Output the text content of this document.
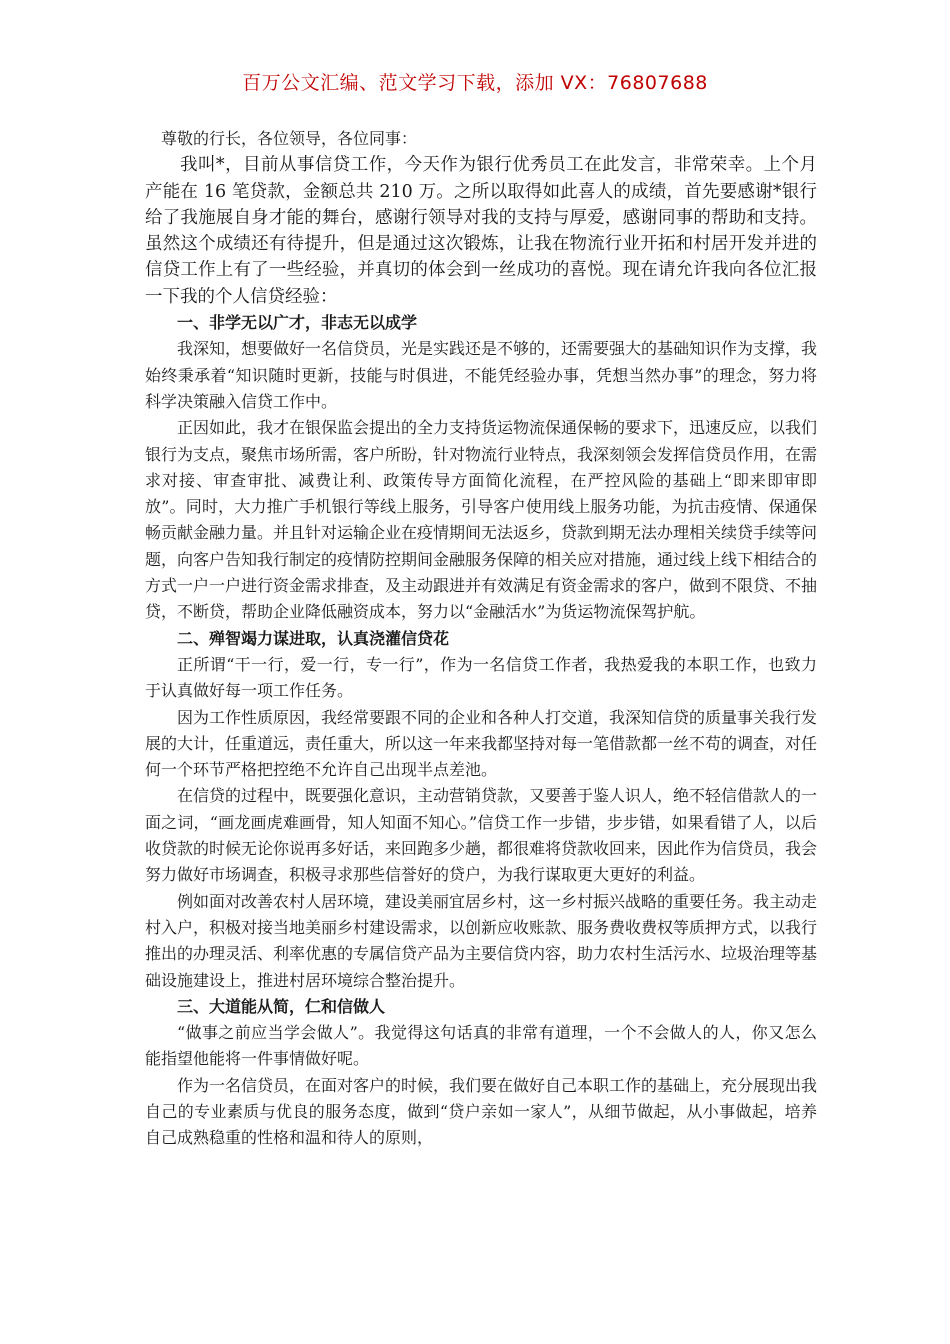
百万公文汇编、范文学习下载，添加 VX：76807688

尊敬的行长，各位领导，各位同事：

我叫*，目前从事信贷工作，今天作为银行优秀员工在此发言，非常荣幸。上个月产能在 16 笔贷款，金额总共 210 万。之所以取得如此喜人的成绩，首先要感谢*银行给了我施展自身才能的舞台，感谢行领导对我的支持与厚爱，感谢同事的帮助和支持。虽然这个成绩还有待提升，但是通过这次锻炼，让我在物流行业开拓和村居开发并进的信贷工作上有了一些经验，并真切的体会到一丝成功的喜悦。现在请允许我向各位汇报一下我的个人信贷经验：

一、非学无以广才，非志无以成学

我深知，想要做好一名信贷员，光是实践还是不够的，还需要强大的基础知识作为支撑，我始终秉承着“知识随时更新，技能与时俱进，不能凭经验办事，凭想当然办事”的理念，努力将科学决策融入信贷工作中。

正因如此，我才在银保监会提出的全力支持货运物流保通保畅的要求下，迅速反应，以我们银行为支点，聚焦市场所需，客户所盼，针对物流行业特点，我深刻领会发挥信贷员作用，在需求对接、审查审批、减费让利、政策传导方面简化流程，在严控风险的基础上“即来即审即放”。同时，大力推广手机银行等线上服务，引导客户使用线上服务功能，为抗击疫情、保通保畅贡献金融力量。并且针对运输企业在疫情期间无法返乡，贷款到期无法办理相关续贷手续等问题，向客户告知我行制定的疫情防控期间金融服务保障的相关应对措施，通过线上线下相结合的方式一户一户进行资金需求排查，及主动跟进并有效满足有资金需求的客户，做到不限贷、不抽贷，不断贷，帮助企业降低融资成本，努力以“金融活水”为货运物流保驾护航。

二、殚智竭力谋进取，认真浇灌信贷花

正所谓“干一行，爱一行，专一行”，作为一名信贷工作者，我热爱我的本职工作，也致力于认真做好每一项工作任务。

因为工作性质原因，我经常要跟不同的企业和各种人打交道，我深知信贷的质量事关我行发展的大计，任重道远，责任重大，所以这一年来我都坚持对每一笔借款都一丝不苟的调查，对任何一个环节严格把控绝不允许自己出现半点差池。

在信贷的过程中，既要强化意识，主动营销贷款，又要善于鉴人识人，绝不轻信借款人的一面之词，“画龙画虎难画骨，知人知面不知心。”信贷工作一步错，步步错，如果看错了人，以后收贷款的时候无论你说再多好话，来回跑多少趟，都很难将贷款收回来，因此作为信贷员，我会努力做好市场调查，积极寻求那些信誉好的贷户，为我行谋取更大更好的利益。

例如面对改善农村人居环境，建设美丽宜居乡村，这一乡村振兴战略的重要任务。我主动走村入户，积极对接当地美丽乡村建设需求，以创新应收账款、服务费收费权等质押方式，以我行推出的办理灵活、利率优惠的专属信贷产品为主要信贷内容，助力农村生活污水、垃圾治理等基础设施建设上，推进村居环境综合整治提升。

三、大道能从简，仁和信做人

“做事之前应当学会做人”。我觉得这句话真的非常有道理，一个不会做人的人，你又怎么能指望他能将一件事情做好呢。

作为一名信贷员，在面对客户的时候，我们要在做好自己本职工作的基础上，充分展现出我自己的专业素质与优良的服务态度，做到“贷户亲如一家人”，从细节做起，从小事做起，培养自己成熟稳重的性格和温和待人的原则，
